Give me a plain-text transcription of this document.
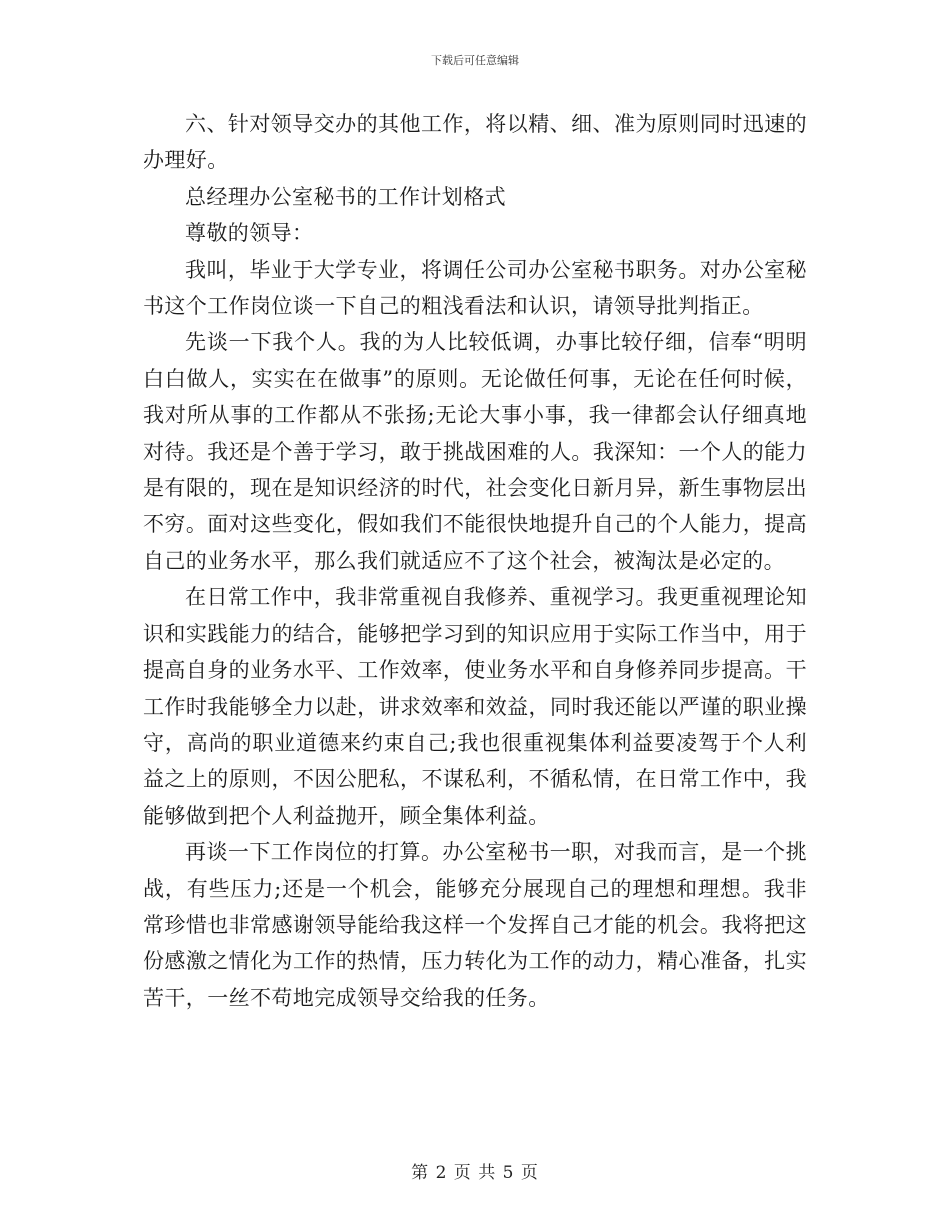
下载后可任意编辑

六、针对领导交办的其他工作，将以精、细、准为原则同时迅速的办理好。

总经理办公室秘书的工作计划格式

尊敬的领导：

我叫，毕业于大学专业，将调任公司办公室秘书职务。对办公室秘书这个工作岗位谈一下自己的粗浅看法和认识，请领导批判指正。

先谈一下我个人。我的为人比较低调，办事比较仔细，信奉“明明白白做人，实实在在做事”的原则。无论做任何事，无论在任何时候，我对所从事的工作都从不张扬;无论大事小事，我一律都会认仔细真地对待。我还是个善于学习，敢于挑战困难的人。我深知：一个人的能力是有限的，现在是知识经济的时代，社会变化日新月异，新生事物层出不穷。面对这些变化，假如我们不能很快地提升自己的个人能力，提高自己的业务水平，那么我们就适应不了这个社会，被淘汰是必定的。

在日常工作中，我非常重视自我修养、重视学习。我更重视理论知识和实践能力的结合，能够把学习到的知识应用于实际工作当中，用于提高自身的业务水平、工作效率，使业务水平和自身修养同步提高。干工作时我能够全力以赴，讲求效率和效益，同时我还能以严谨的职业操守，高尚的职业道德来约束自己;我也很重视集体利益要凌驾于个人利益之上的原则，不因公肥私，不谋私利，不循私情，在日常工作中，我能够做到把个人利益抛开，顾全集体利益。

再谈一下工作岗位的打算。办公室秘书一职，对我而言，是一个挑战，有些压力;还是一个机会，能够充分展现自己的理想和理想。我非常珍惜也非常感谢领导能给我这样一个发挥自己才能的机会。我将把这份感激之情化为工作的热情，压力转化为工作的动力，精心准备，扎实苦干，一丝不苟地完成领导交给我的任务。

第 2 页 共 5 页
